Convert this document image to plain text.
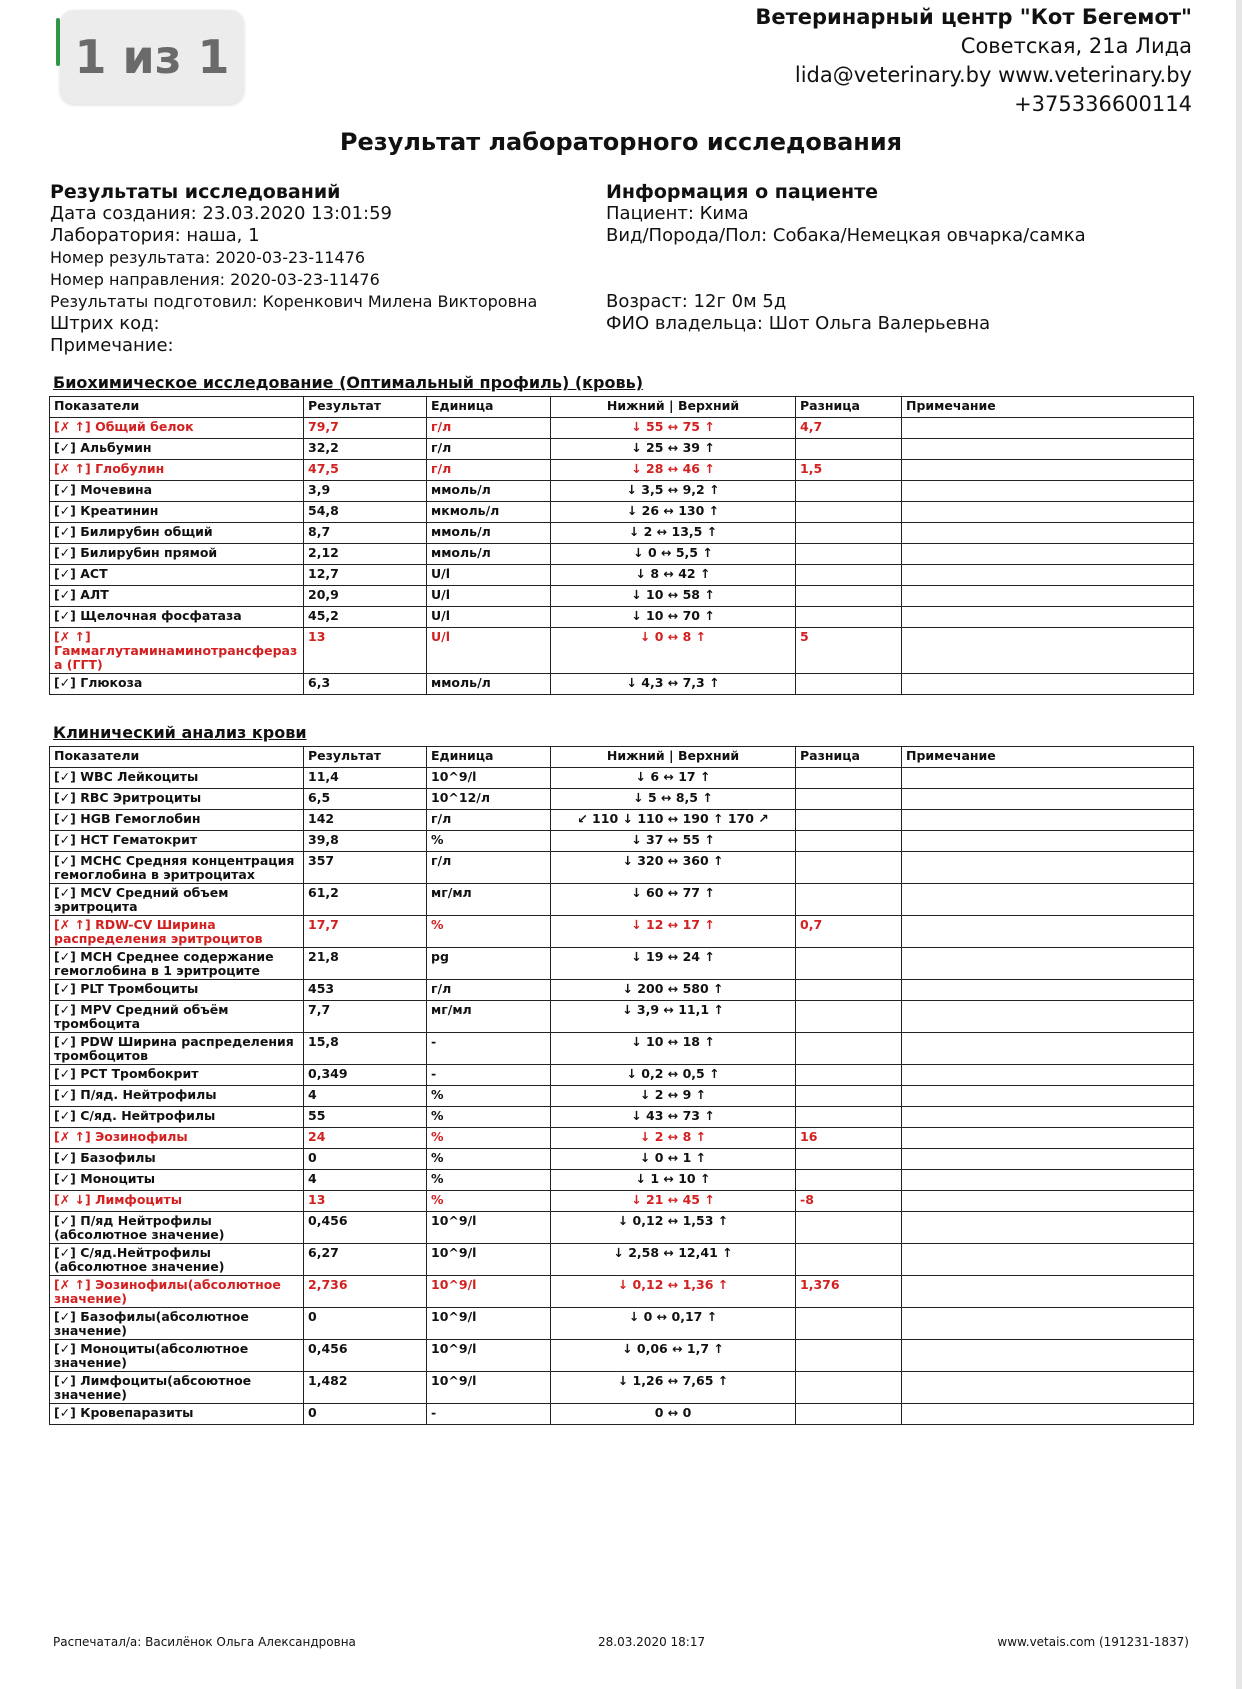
1 из 1
Ветеринарный центр "Кот Бегемот"
Советская, 21а Лида
lida@veterinary.by www.veterinary.by
+375336600114
Результат лабораторного исследования
Результаты исследований
Дата создания: 23.03.2020 13:01:59
Лаборатория: наша, 1
Номер результата: 2020-03-23-11476
Номер направления: 2020-03-23-11476
Результаты подготовил: Коренкович Милена Викторовна
Штрих код:
Примечание:
Информация о пациенте
Пациент: Кима
Вид/Порода/Пол: Собака/Немецкая овчарка/самка
Возраст: 12г 0м 5д
ФИО владельца: Шот Ольга Валерьевна
Биохимическое исследование (Оптимальный профиль) (кровь)
Показатели	Результат	Единица	Нижний | Верхний	Разница	Примечание
[✗ ↑] Общий белок	79,7	г/л	↓ 55 ↔ 75 ↑	4,7	
[✓] Альбумин	32,2	г/л	↓ 25 ↔ 39 ↑		
[✗ ↑] Глобулин	47,5	г/л	↓ 28 ↔ 46 ↑	1,5	
[✓] Мочевина	3,9	ммоль/л	↓ 3,5 ↔ 9,2 ↑		
[✓] Креатинин	54,8	мкмоль/л	↓ 26 ↔ 130 ↑		
[✓] Билирубин общий	8,7	ммоль/л	↓ 2 ↔ 13,5 ↑		
[✓] Билирубин прямой	2,12	ммоль/л	↓ 0 ↔ 5,5 ↑		
[✓] АСТ	12,7	U/l	↓ 8 ↔ 42 ↑		
[✓] АЛТ	20,9	U/l	↓ 10 ↔ 58 ↑		
[✓] Щелочная фосфатаза	45,2	U/l	↓ 10 ↔ 70 ↑		
[✗ ↑] Гаммаглутаминаминотрансфераза (ГГТ)	13	U/l	↓ 0 ↔ 8 ↑	5	
[✓] Глюкоза	6,3	ммоль/л	↓ 4,3 ↔ 7,3 ↑		
Клинический анализ крови
Показатели	Результат	Единица	Нижний | Верхний	Разница	Примечание
[✓] WBC Лейкоциты	11,4	10^9/l	↓ 6 ↔ 17 ↑		
[✓] RBC Эритроциты	6,5	10^12/л	↓ 5 ↔ 8,5 ↑		
[✓] HGB Гемоглобин	142	г/л	↙ 110 ↓ 110 ↔ 190 ↑ 170 ↗		
[✓] НСТ Гематокрит	39,8	%	↓ 37 ↔ 55 ↑		
[✓] MCHC Средняя концентрация гемоглобина в эритроцитах	357	г/л	↓ 320 ↔ 360 ↑		
[✓] MCV Средний объем эритроцита	61,2	мг/мл	↓ 60 ↔ 77 ↑		
[✗ ↑] RDW-CV Ширина распределения эритроцитов	17,7	%	↓ 12 ↔ 17 ↑	0,7	
[✓] MCH Среднее содержание гемоглобина в 1 эритроците	21,8	pg	↓ 19 ↔ 24 ↑		
[✓] PLT Тромбоциты	453	г/л	↓ 200 ↔ 580 ↑		
[✓] MPV Средний объём тромбоцита	7,7	мг/мл	↓ 3,9 ↔ 11,1 ↑		
[✓] PDW Ширина распределения тромбоцитов	15,8	-	↓ 10 ↔ 18 ↑		
[✓] PCT Тромбокрит	0,349	-	↓ 0,2 ↔ 0,5 ↑		
[✓] П/яд. Нейтрофилы	4	%	↓ 2 ↔ 9 ↑		
[✓] С/яд. Нейтрофилы	55	%	↓ 43 ↔ 73 ↑		
[✗ ↑] Эозинофилы	24	%	↓ 2 ↔ 8 ↑	16	
[✓] Базофилы	0	%	↓ 0 ↔ 1 ↑		
[✓] Моноциты	4	%	↓ 1 ↔ 10 ↑		
[✗ ↓] Лимфоциты	13	%	↓ 21 ↔ 45 ↑	-8	
[✓] П/яд Нейтрофилы (абсолютное значение)	0,456	10^9/l	↓ 0,12 ↔ 1,53 ↑		
[✓] С/яд.Нейтрофилы (абсолютное значение)	6,27	10^9/l	↓ 2,58 ↔ 12,41 ↑		
[✗ ↑] Эозинофилы(абсолютное значение)	2,736	10^9/l	↓ 0,12 ↔ 1,36 ↑	1,376	
[✓] Базофилы(абсолютное значение)	0	10^9/l	↓ 0 ↔ 0,17 ↑		
[✓] Моноциты(абсолютное значение)	0,456	10^9/l	↓ 0,06 ↔ 1,7 ↑		
[✓] Лимфоциты(абсоютное значение)	1,482	10^9/l	↓ 1,26 ↔ 7,65 ↑		
[✓] Кровепаразиты	0	-	0 ↔ 0		
Распечатал/а: Василёнок Ольга Александровна	28.03.2020 18:17	www.vetais.com (191231-1837)
